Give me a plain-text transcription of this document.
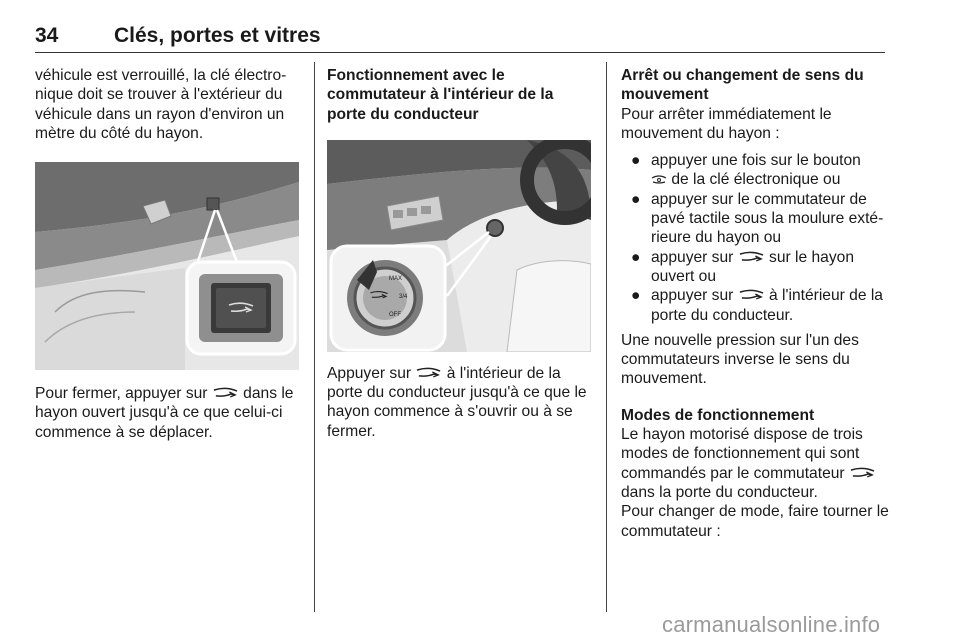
34	Clés, portes et vitres

véhicule est verrouillé, la clé électro-nique doit se trouver à l'extérieur du véhicule dans un rayon d'environ un mètre du côté du hayon.

Pour fermer, appuyer sur dans le hayon ouvert jusqu'à ce que celui-ci commence à se déplacer.

Fonctionnement avec le commutateur à l'intérieur de la porte du conducteur

MAX
3/4
OFF

Appuyer sur à l'intérieur de la porte du conducteur jusqu'à ce que le hayon commence à s'ouvrir ou à se fermer.

Arrêt ou changement de sens du mouvement

Pour arrêter immédiatement le mouvement du hayon :

● appuyer une fois sur le bouton
de la clé électronique ou

● appuyer sur le commutateur de pavé tactile sous la moulure exté-rieure du hayon ou

● appuyer sur sur le hayon ouvert ou

● appuyer sur à l'intérieur de la porte du conducteur.

Une nouvelle pression sur l'un des commutateurs inverse le sens du mouvement.

Modes de fonctionnement

Le hayon motorisé dispose de trois modes de fonctionnement qui sont commandés par le commutateur  dans la porte du conducteur.

Pour changer de mode, faire tourner le commutateur :

carmanualsonline.info
